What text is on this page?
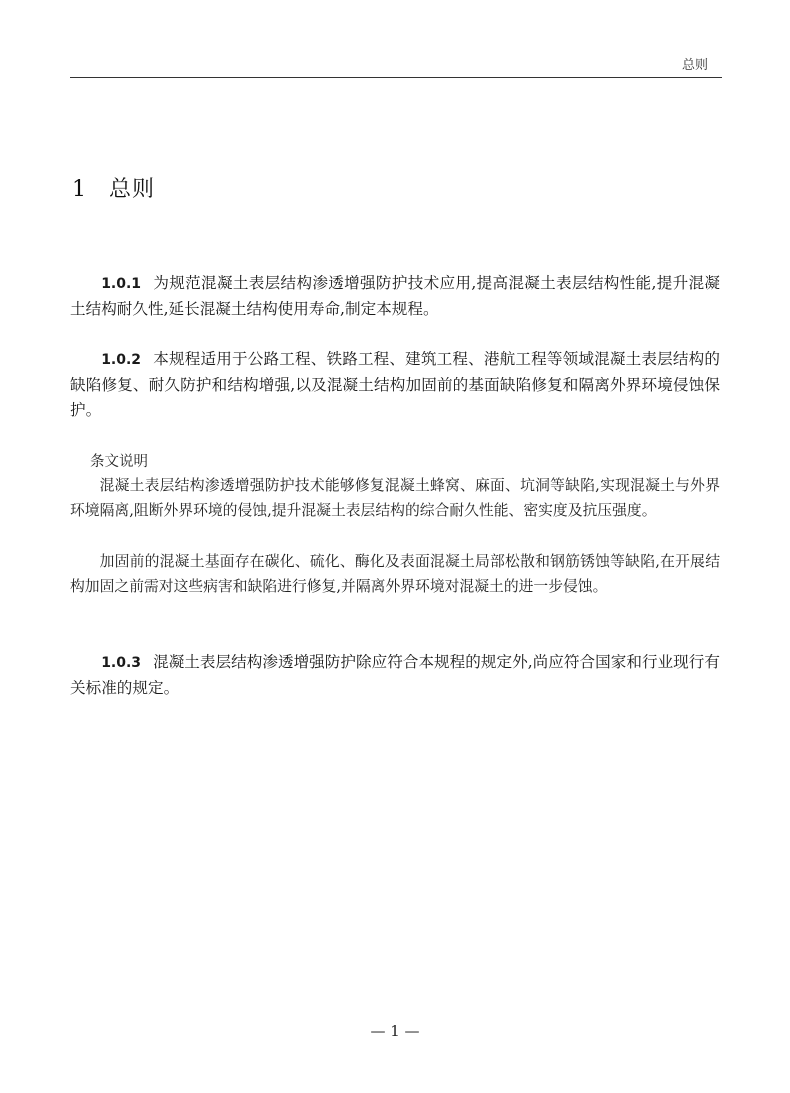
总则
1 总则

1.0.1 为规范混凝土表层结构渗透增强防护技术应用,提高混凝土表层结构性能,提升混凝土结构耐久性,延长混凝土结构使用寿命,制定本规程。

1.0.2 本规程适用于公路工程、铁路工程、建筑工程、港航工程等领域混凝土表层结构的缺陷修复、耐久防护和结构增强,以及混凝土结构加固前的基面缺陷修复和隔离外界环境侵蚀保护。

条文说明

混凝土表层结构渗透增强防护技术能够修复混凝土蜂窝、麻面、坑洞等缺陷,实现混凝土与外界环境隔离,阻断外界环境的侵蚀,提升混凝土表层结构的综合耐久性能、密实度及抗压强度。

加固前的混凝土基面存在碳化、硫化、酶化及表面混凝土局部松散和钢筋锈蚀等缺陷,在开展结构加固之前需对这些病害和缺陷进行修复,并隔离外界环境对混凝土的进一步侵蚀。

1.0.3 混凝土表层结构渗透增强防护除应符合本规程的规定外,尚应符合国家和行业现行有关标准的规定。

— 1 —
